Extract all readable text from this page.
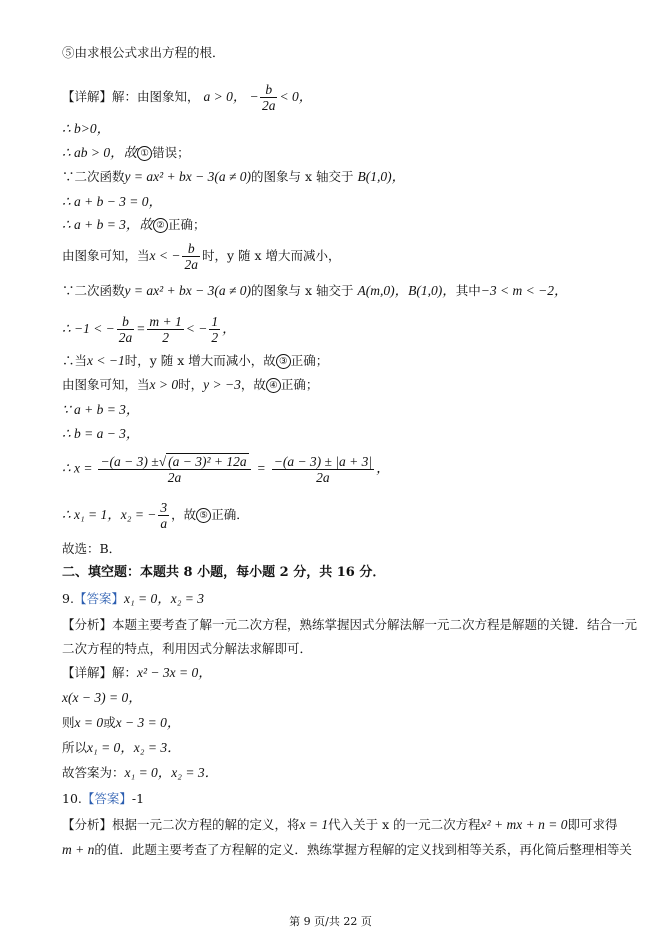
⑤由求根公式求出方程的根．
【详解】解：由图象知， a > 0， − $\frac{b}{2a} < 0$，
∴ b>0，
∴ ab > 0，故 ① 错误；
∵二次函数y = ax² + bx − 3(a ≠ 0)的图象与 x 轴交于 B(1,0)，
∴ a + b − 3 = 0，
∴ a + b = 3，故 ② 正确；
由图象可知，当x < − $\frac{b}{2a}$ 时，y 随 x 增大而减小，
∵二次函数y = ax² + bx − 3(a ≠ 0)的图象与 x 轴交于 A(m,0)，B(1,0)，其中−3 < m < −2，
∴ −1 < − $\frac{b}{2a} = \frac{m + 1}{2}$ < − $\frac{1}{2}$ ，
∴当x < −1时，y 随 x 增大而减小，故 ③ 正确；
由图象可知，当x > 0时，y > −3，故 ④ 正确；
∵ a + b = 3，
∴ b = a − 3，
∴ $x = \frac{\text{−(a − 3) ±√ (a − 3)² + 12a}}{2a} = \frac{-(a - 3) \pm |a + 3|}{2a}$ ，
∴ x₁ = 1，x₂ = − $\frac{3}{a}$ ，故 ⑤ 正确．
故选：B．
二、填空题：本题共 8 小题，每小题 2 分，共 16 分．
9.【答案】x₁ = 0，x₂ = 3
【分析】本题主要考查了解一元二次方程，熟练掌握因式分解法解一元二次方程是解题的关键．结合一元
二次方程的特点，利用因式分解法求解即可．
【详解】解：x² − 3x = 0，
x(x − 3) = 0，
则x = 0或x − 3 = 0，
所以x₁ = 0，x₂ = 3．
故答案为：x₁ = 0，x₂ = 3．
10.【答案】-1
【分析】根据一元二次方程的解的定义，将x = 1代入关于 x 的一元二次方程x² + mx + n = 0即可求得
m + n的值．此题主要考查了方程解的定义．熟练掌握方程解的定义找到相等关系，再化简后整理相等关
第 9 页/共 22 页
